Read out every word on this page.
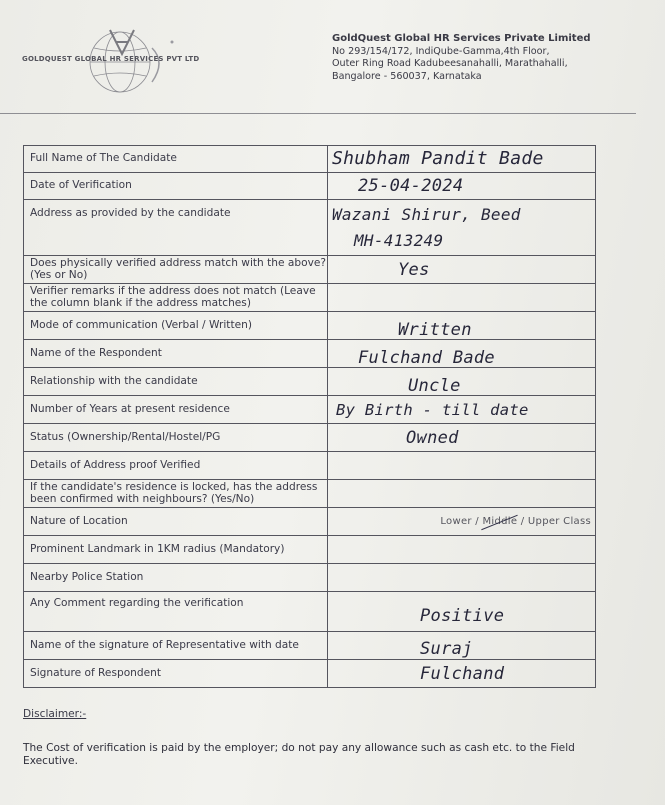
GOLDQUEST GLOBAL HR SERVICES PVT LTD
GoldQuest Global HR Services Private Limited
No 293/154/172, IndiQube-Gamma,4th Floor,
Outer Ring Road Kadubeesanahalli, Marathahalli,
Bangalore - 560037, Karnataka
Full Name of The Candidate	Shubham Pandit Bade
Date of Verification	25-04-2024
Address as provided by the candidate	Wazani Shirur, Beed
MH-413249

Does physically verified address match with the above? (Yes or No)	Yes
Verifier remarks if the address does not match (Leave the column blank if the address matches)	
Mode of communication (Verbal / Written)	Written
Name of the Respondent	Fulchand Bade
Relationship with the candidate	Uncle
Number of Years at present residence	By Birth - till date
Status (Ownership/Rental/Hostel/PG	Owned
Details of Address proof Verified	
If the candidate's residence is locked, has the address been confirmed with neighbours? (Yes/No)	
Nature of Location	Lower / Middle / Upper Class
Prominent Landmark in 1KM radius (Mandatory)	
Nearby Police Station	
Any Comment regarding the verification	Positive
Name of the signature of Representative with date	Suraj
Signature of Respondent	Fulchand
Disclaimer:-
The Cost of verification is paid by the employer; do not pay any allowance such as cash etc. to the Field Executive.
